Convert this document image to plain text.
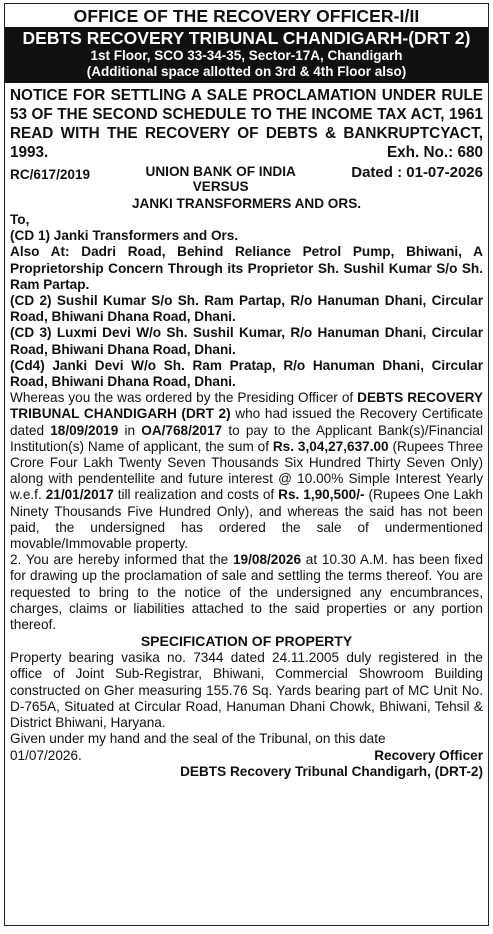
OFFICE OF THE RECOVERY OFFICER-I/II
DEBTS RECOVERY TRIBUNAL CHANDIGARH-(DRT 2)
1st Floor, SCO 33-34-35, Sector-17A, Chandigarh
(Additional space allotted on 3rd & 4th Floor also)
NOTICE FOR SETTLING A SALE PROCLAMATION UNDER RULE 53 OF THE SECOND SCHEDULE TO THE INCOME TAX ACT, 1961 READ WITH THE RECOVERY OF DEBTS & BANKRUPTCYACT, 1993.	Exh. No.: 680
RC/617/2019	UNION BANK OF INDIA
VERSUS
Dated : 01-07-2026
JANKI TRANSFORMERS AND ORS.
To,
(CD 1) Janki Transformers and Ors.
Also At: Dadri Road, Behind Reliance Petrol Pump, Bhiwani, A Proprietorship Concern Through its Proprietor Sh. Sushil Kumar S/o Sh. Ram Partap.
(CD 2) Sushil Kumar S/o Sh. Ram Partap, R/o Hanuman Dhani, Circular Road, Bhiwani Dhana Road, Dhani.
(CD 3) Luxmi Devi W/o Sh. Sushil Kumar, R/o Hanuman Dhani, Circular Road, Bhiwani Dhana Road, Dhani.
(Cd4) Janki Devi W/o Sh. Ram Pratap, R/o Hanuman Dhani, Circular Road, Bhiwani Dhana Road, Dhani.
Whereas you the was ordered by the Presiding Officer of DEBTS RECOVERY TRIBUNAL CHANDIGARH (DRT 2) who had issued the Recovery Certificate dated 18/09/2019 in OA/768/2017 to pay to the Applicant Bank(s)/Financial Institution(s) Name of applicant, the sum of Rs. 3,04,27,637.00 (Rupees Three Crore Four Lakh Twenty Seven Thousands Six Hundred Thirty Seven Only) along with pendentellite and future interest @ 10.00% Simple Interest Yearly w.e.f. 21/01/2017 till realization and costs of Rs. 1,90,500/- (Rupees One Lakh Ninety Thousands Five Hundred Only), and whereas the said has not been paid, the undersigned has ordered the sale of undermentioned movable/Immovable property.
2. You are hereby informed that the 19/08/2026 at 10.30 A.M. has been fixed for drawing up the proclamation of sale and settling the terms thereof. You are requested to bring to the notice of the undersigned any encumbrances, charges, claims or liabilities attached to the said properties or any portion thereof.
SPECIFICATION OF PROPERTY
Property bearing vasika no. 7344 dated 24.11.2005 duly registered in the office of Joint Sub-Registrar, Bhiwani, Commercial Showroom Building constructed on Gher measuring 155.76 Sq. Yards bearing part of MC Unit No. D-765A, Situated at Circular Road, Hanuman Dhani Chowk, Bhiwani, Tehsil & District Bhiwani, Haryana.
Given under my hand and the seal of the Tribunal, on this date
01/07/2026.	Recovery Officer
DEBTS Recovery Tribunal Chandigarh, (DRT-2)
